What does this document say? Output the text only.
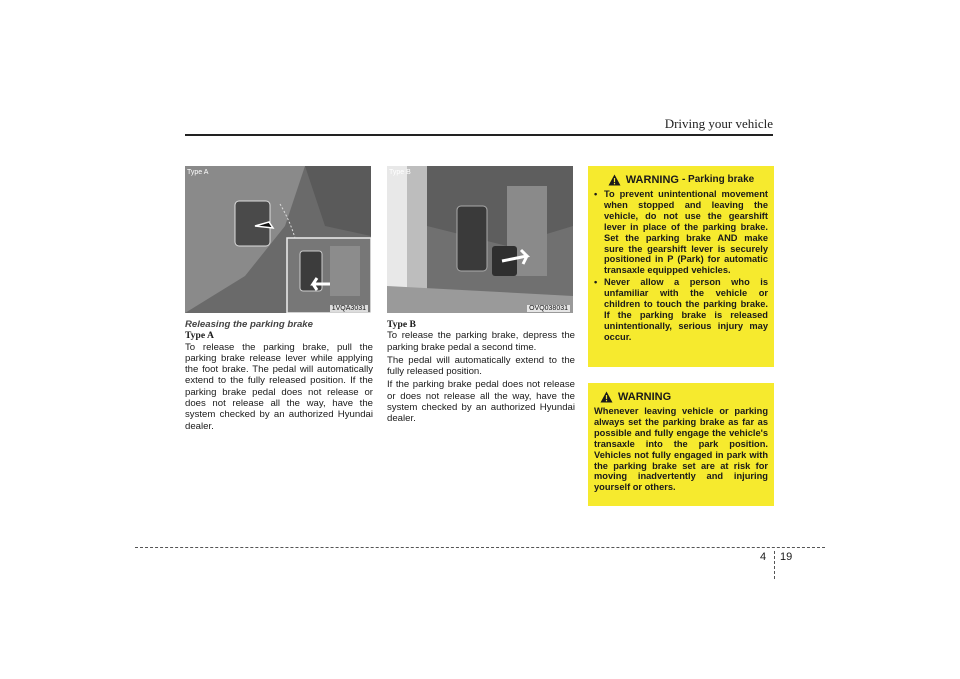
Driving your vehicle
Type A
1VQA3031
Type B
OVQ038031

Releasing the parking brake

Type A

To release the parking brake, pull the parking brake release lever while applying the foot brake. The pedal will automatically extend to the fully released position. If the parking brake pedal does not release or does not release all the way, have the system checked by an authorized Hyundai dealer.

Type B

To release the parking brake, depress the parking brake pedal a second time.

The pedal will automatically extend to the fully released position.

If the parking brake pedal does not release or does not release all the way, have the system checked by an authorized Hyundai dealer.

WARNING - Parking brake
• To prevent unintentional movement when stopped and leaving the vehicle, do not use the gearshift lever in place of the parking brake. Set the parking brake AND make sure the gearshift lever is securely positioned in P (Park) for automatic transaxle equipped vehicles.
• Never allow a person who is unfamiliar with the vehicle or children to touch the parking brake. If the parking brake is released unintentionally, serious injury may occur.
WARNING
Whenever leaving vehicle or parking always set the parking brake as far as possible and fully engage the vehicle's transaxle into the park position. Vehicles not fully engaged in park with the parking brake set are at risk for moving inadvertently and injuring yourself or others.
4 19
